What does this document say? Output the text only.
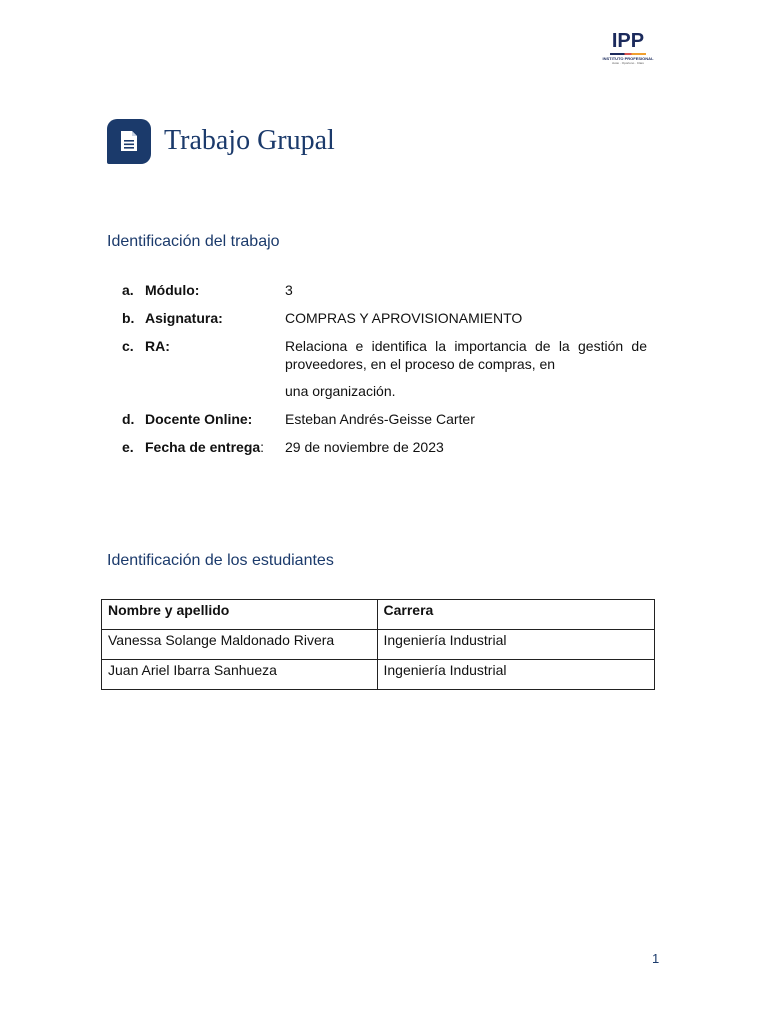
IPP
INSTITUTO PROFESIONAL
Justo · Oportuno · Claro
Trabajo Grupal
Identificación del trabajo
a. Módulo:	3
b. Asignatura:	COMPRAS Y APROVISIONAMIENTO
c. RA:	Relaciona e identifica la importancia de la gestión de proveedores, en el proceso de compras, en
una organización.
d. Docente Online: Esteban Andrés-Geisse Carter
e. Fecha de entrega: 29 de noviembre de 2023
Identificación de los estudiantes
Nombre y apellido	Carrera
Vanessa Solange Maldonado Rivera	Ingeniería Industrial
Juan Ariel Ibarra Sanhueza	Ingeniería Industrial
1
